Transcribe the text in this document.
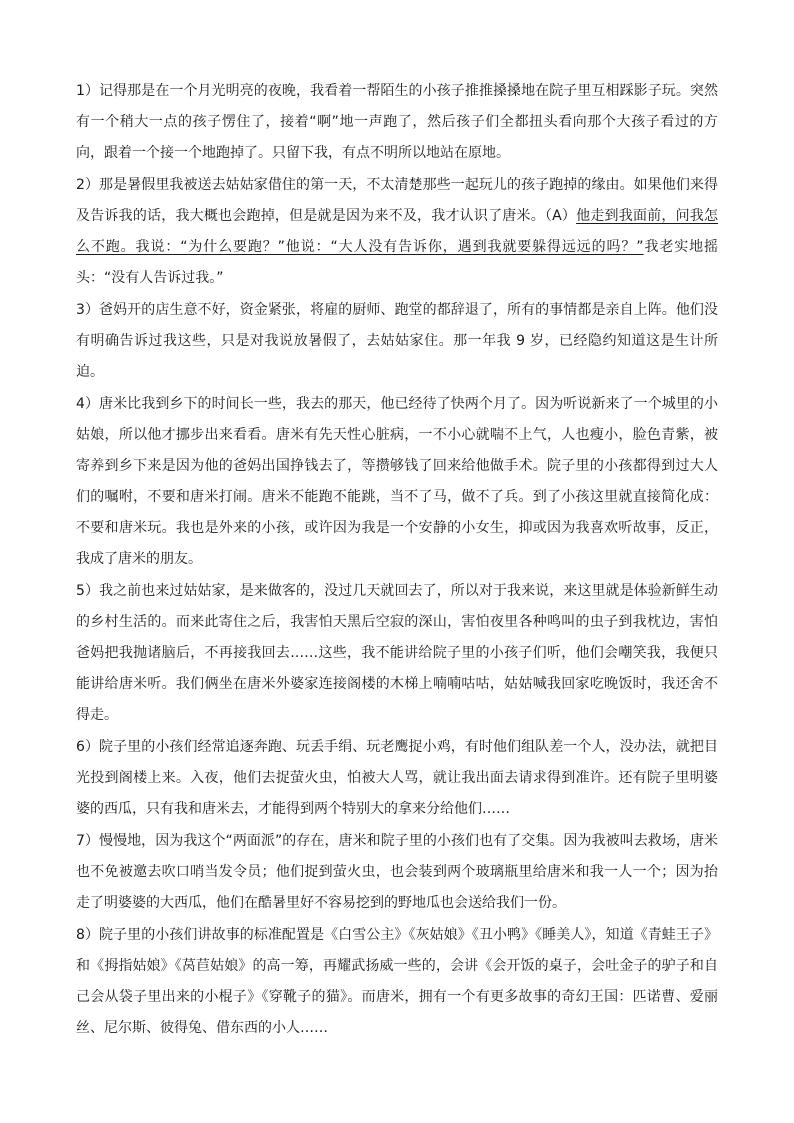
1）记得那是在一个月光明亮的夜晚，我看着一帮陌生的小孩子推推搡搡地在院子里互相踩影子玩。突然有一个稍大一点的孩子愣住了，接着“啊”地一声跑了，然后孩子们全都扭头看向那个大孩子看过的方向，跟着一个接一个地跑掉了。只留下我，有点不明所以地站在原地。

2）那是暑假里我被送去姑姑家借住的第一天，不太清楚那些一起玩儿的孩子跑掉的缘由。如果他们来得及告诉我的话，我大概也会跑掉，但是就是因为来不及，我才认识了唐米。（A）他走到我面前，问我怎么不跑。我说：“为什么要跑？”他说：“大人没有告诉你，遇到我就要躲得远远的吗？”我老实地摇头：“没有人告诉过我。”

3）爸妈开的店生意不好，资金紧张，将雇的厨师、跑堂的都辞退了，所有的事情都是亲自上阵。他们没有明确告诉过我这些，只是对我说放暑假了，去姑姑家住。那一年我 9 岁，已经隐约知道这是生计所迫。

4）唐米比我到乡下的时间长一些，我去的那天，他已经待了快两个月了。因为听说新来了一个城里的小姑娘，所以他才挪步出来看看。唐米有先天性心脏病，一不小心就喘不上气，人也瘦小，脸色青紫，被寄养到乡下来是因为他的爸妈出国挣钱去了，等攒够钱了回来给他做手术。院子里的小孩都得到过大人们的嘱咐，不要和唐米打闹。唐米不能跑不能跳，当不了马，做不了兵。到了小孩这里就直接简化成：不要和唐米玩。我也是外来的小孩，或许因为我是一个安静的小女生，抑或因为我喜欢听故事，反正，我成了唐米的朋友。

5）我之前也来过姑姑家，是来做客的，没过几天就回去了，所以对于我来说，来这里就是体验新鲜生动的乡村生活的。而来此寄住之后，我害怕天黑后空寂的深山，害怕夜里各种鸣叫的虫子到我枕边，害怕爸妈把我抛诸脑后，不再接我回去……这些，我不能讲给院子里的小孩子们听，他们会嘲笑我，我便只能讲给唐米听。我们俩坐在唐米外婆家连接阁楼的木梯上喃喃咕咕，姑姑喊我回家吃晚饭时，我还舍不得走。

6）院子里的小孩们经常追逐奔跑、玩丢手绢、玩老鹰捉小鸡，有时他们组队差一个人，没办法，就把目光投到阁楼上来。入夜，他们去捉萤火虫，怕被大人骂，就让我出面去请求得到准许。还有院子里明婆婆的西瓜，只有我和唐米去，才能得到两个特别大的拿来分给他们……

7）慢慢地，因为我这个“两面派”的存在，唐米和院子里的小孩们也有了交集。因为我被叫去救场，唐米也不免被邀去吹口哨当发令员；他们捉到萤火虫，也会装到两个玻璃瓶里给唐米和我一人一个；因为抬走了明婆婆的大西瓜，他们在酷暑里好不容易挖到的野地瓜也会送给我们一份。

8）院子里的小孩们讲故事的标准配置是《白雪公主》《灰姑娘》《丑小鸭》《睡美人》，知道《青蛙王子》和《拇指姑娘》《莴苣姑娘》的高一筹，再耀武扬威一些的，会讲《会开饭的桌子，会吐金子的驴子和自己会从袋子里出来的小棍子》《穿靴子的猫》。而唐米，拥有一个有更多故事的奇幻王国：匹诺曹、爱丽丝、尼尔斯、彼得兔、借东西的小人……
